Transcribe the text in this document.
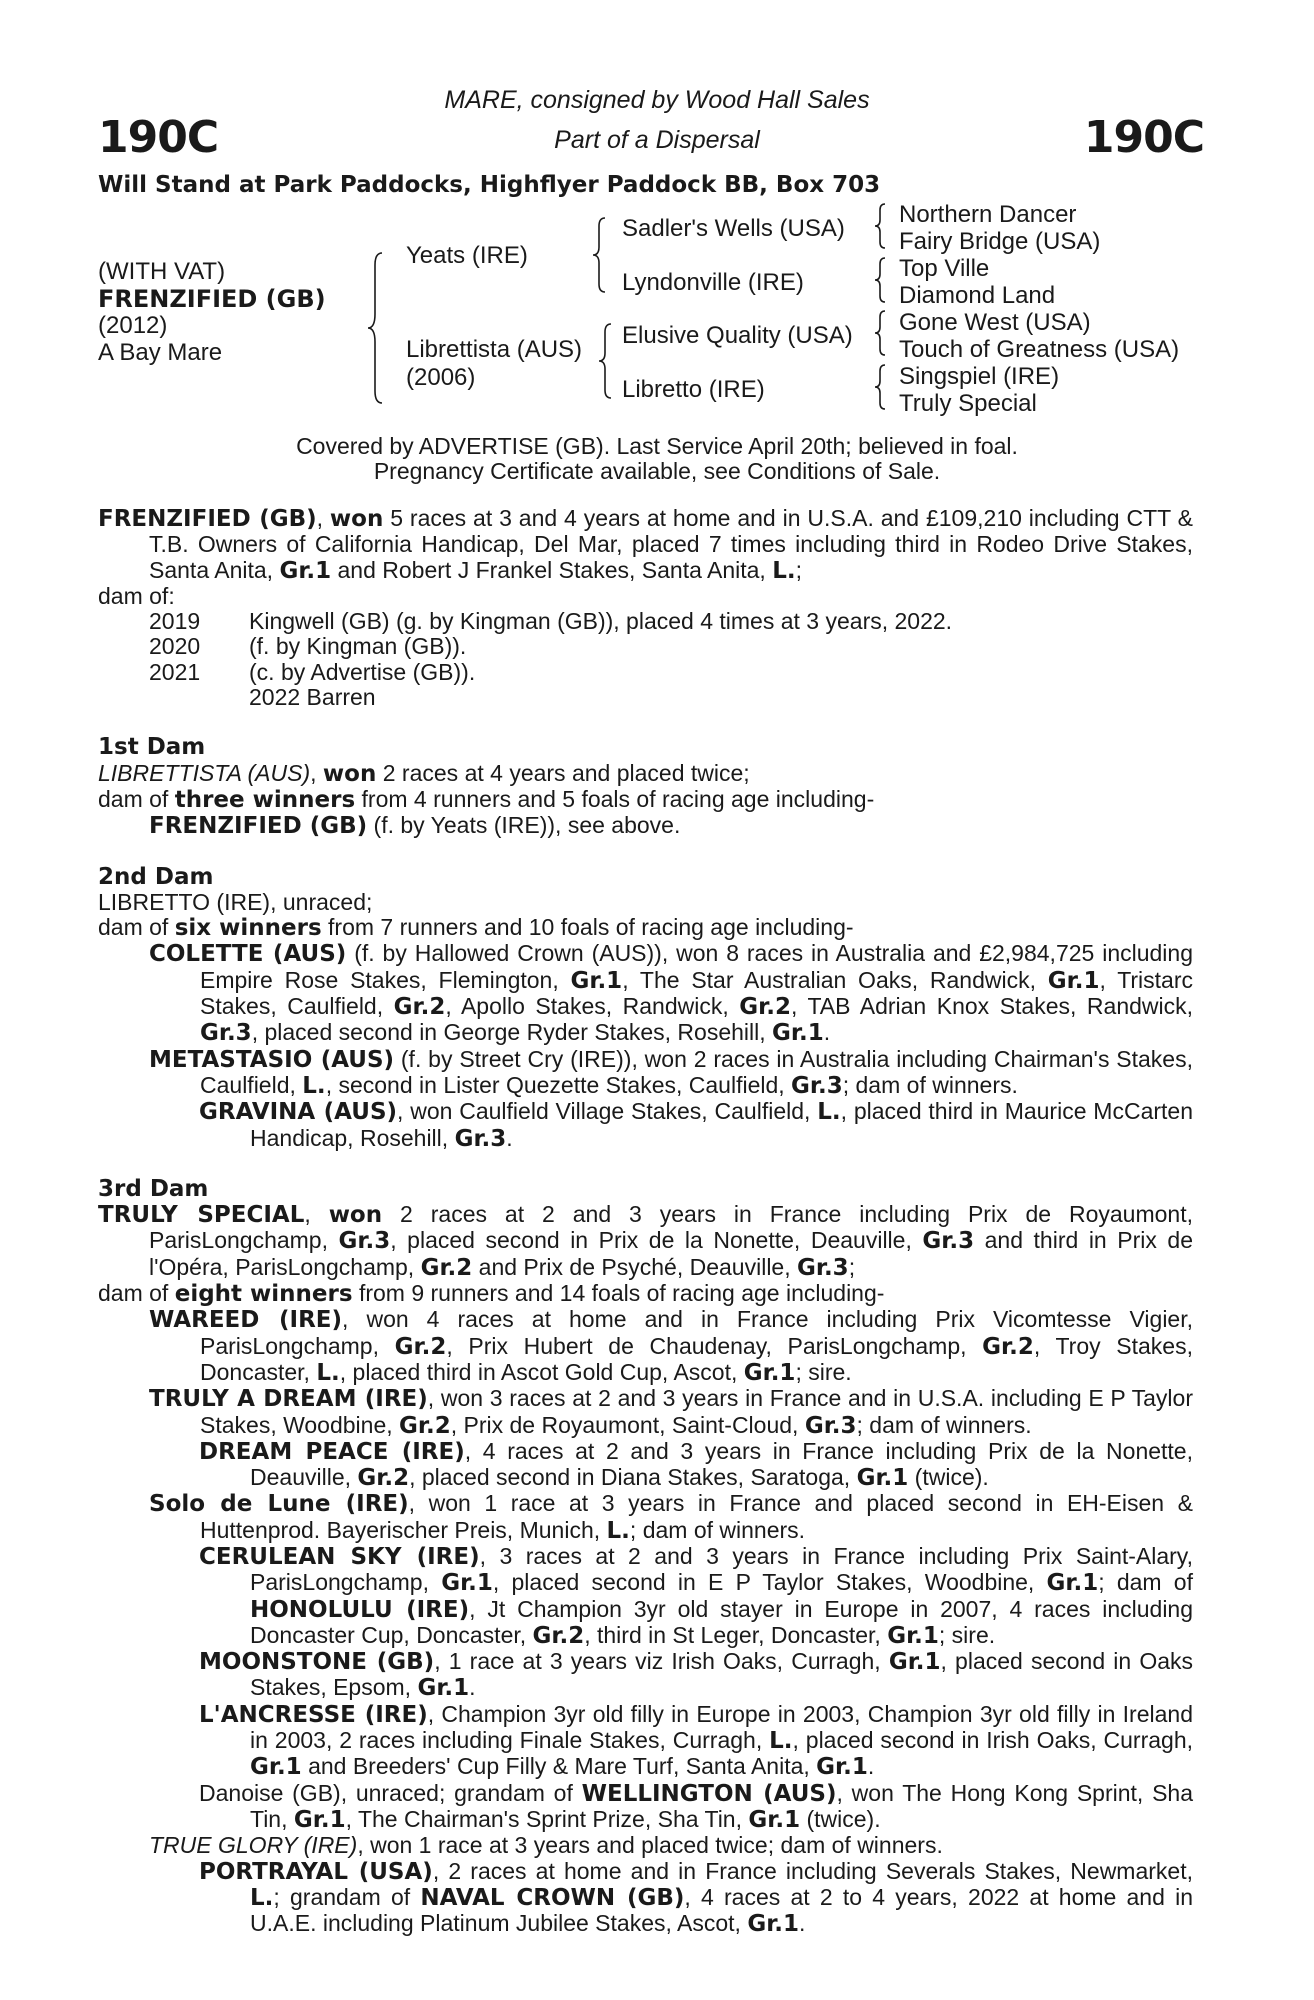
190C	190C
MARE, consigned by Wood Hall Sales
Part of a Dispersal
Will Stand at Park Paddocks, Highflyer Paddock BB, Box 703
(WITH VAT)
FRENZIFIED (GB)
(2012)
A Bay Mare
Yeats (IRE)
Librettista (AUS)
(2006)
Sadler's Wells (USA)
Lyndonville (IRE)
Elusive Quality (USA)
Libretto (IRE)
Northern Dancer
Fairy Bridge (USA)
Top Ville
Diamond Land
Gone West (USA)
Touch of Greatness (USA)
Singspiel (IRE)
Truly Special
Covered by ADVERTISE (GB). Last Service April 20th; believed in foal.
Pregnancy Certificate available, see Conditions of Sale.

FRENZIFIED (GB), won 5 races at 3 and 4 years at home and in U.S.A. and £109,210 including CTT & T.B. Owners of California Handicap, Del Mar, placed 7 times including third in Rodeo Drive Stakes, Santa Anita, Gr.1 and Robert J Frankel Stakes, Santa Anita, L.;

dam of:

2019 Kingwell (GB) (g. by Kingman (GB)), placed 4 times at 3 years, 2022.

2020 (f. by Kingman (GB)).

2021 (c. by Advertise (GB)).

2022 Barren

1st Dam

LIBRETTISTA (AUS), won 2 races at 4 years and placed twice;

dam of three winners from 4 runners and 5 foals of racing age including-

FRENZIFIED (GB) (f. by Yeats (IRE)), see above.

2nd Dam

LIBRETTO (IRE), unraced;

dam of six winners from 7 runners and 10 foals of racing age including-

COLETTE (AUS) (f. by Hallowed Crown (AUS)), won 8 races in Australia and £2,984,725 including Empire Rose Stakes, Flemington, Gr.1, The Star Australian Oaks, Randwick, Gr.1, Tristarc Stakes, Caulfield, Gr.2, Apollo Stakes, Randwick, Gr.2, TAB Adrian Knox Stakes, Randwick, Gr.3, placed second in George Ryder Stakes, Rosehill, Gr.1.

METASTASIO (AUS) (f. by Street Cry (IRE)), won 2 races in Australia including Chairman's Stakes, Caulfield, L., second in Lister Quezette Stakes, Caulfield, Gr.3; dam of winners.

GRAVINA (AUS), won Caulfield Village Stakes, Caulfield, L., placed third in Maurice McCarten Handicap, Rosehill, Gr.3.

3rd Dam

TRULY SPECIAL, won 2 races at 2 and 3 years in France including Prix de Royaumont, ParisLongchamp, Gr.3, placed second in Prix de la Nonette, Deauville, Gr.3 and third in Prix de l'Opéra, ParisLongchamp, Gr.2 and Prix de Psyché, Deauville, Gr.3;

dam of eight winners from 9 runners and 14 foals of racing age including-

WAREED (IRE), won 4 races at home and in France including Prix Vicomtesse Vigier, ParisLongchamp, Gr.2, Prix Hubert de Chaudenay, ParisLongchamp, Gr.2, Troy Stakes, Doncaster, L., placed third in Ascot Gold Cup, Ascot, Gr.1; sire.

TRULY A DREAM (IRE), won 3 races at 2 and 3 years in France and in U.S.A. including E P Taylor Stakes, Woodbine, Gr.2, Prix de Royaumont, Saint-Cloud, Gr.3; dam of winners.

DREAM PEACE (IRE), 4 races at 2 and 3 years in France including Prix de la Nonette, Deauville, Gr.2, placed second in Diana Stakes, Saratoga, Gr.1 (twice).

Solo de Lune (IRE), won 1 race at 3 years in France and placed second in EH-Eisen & Huttenprod. Bayerischer Preis, Munich, L.; dam of winners.

CERULEAN SKY (IRE), 3 races at 2 and 3 years in France including Prix Saint-Alary, ParisLongchamp, Gr.1, placed second in E P Taylor Stakes, Woodbine, Gr.1; dam of HONOLULU (IRE), Jt Champion 3yr old stayer in Europe in 2007, 4 races including Doncaster Cup, Doncaster, Gr.2, third in St Leger, Doncaster, Gr.1; sire.

MOONSTONE (GB), 1 race at 3 years viz Irish Oaks, Curragh, Gr.1, placed second in Oaks Stakes, Epsom, Gr.1.

L'ANCRESSE (IRE), Champion 3yr old filly in Europe in 2003, Champion 3yr old filly in Ireland in 2003, 2 races including Finale Stakes, Curragh, L., placed second in Irish Oaks, Curragh, Gr.1 and Breeders' Cup Filly & Mare Turf, Santa Anita, Gr.1.

Danoise (GB), unraced; grandam of WELLINGTON (AUS), won The Hong Kong Sprint, Sha Tin, Gr.1, The Chairman's Sprint Prize, Sha Tin, Gr.1 (twice).

TRUE GLORY (IRE), won 1 race at 3 years and placed twice; dam of winners.

PORTRAYAL (USA), 2 races at home and in France including Severals Stakes, Newmarket, L.; grandam of NAVAL CROWN (GB), 4 races at 2 to 4 years, 2022 at home and in U.A.E. including Platinum Jubilee Stakes, Ascot, Gr.1.
